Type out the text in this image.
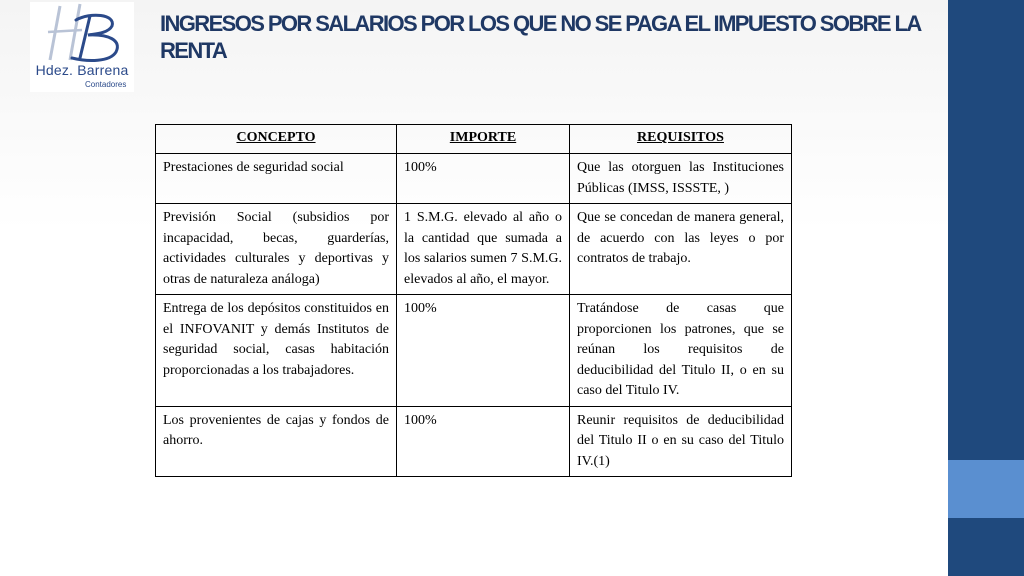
Hdez. Barrena
Contadores
INGRESOS POR SALARIOS POR LOS QUE NO SE PAGA EL IMPUESTO SOBRE LA RENTA
CONCEPTO	IMPORTE	REQUISITOS
Prestaciones de seguridad social	100%	Que las otorguen las Instituciones Públicas (IMSS, ISSSTE, )
Previsión Social (subsidios por incapacidad, becas, guarderías, actividades culturales y deportivas y otras de naturaleza análoga)	1 S.M.G. elevado al año o la cantidad que sumada a los salarios sumen 7 S.M.G. elevados al año, el mayor.	Que se concedan de manera general, de acuerdo con las leyes o por contratos de trabajo.
Entrega de los depósitos constituidos en el INFOVANIT y demás Institutos de seguridad social, casas habitación proporcionadas a los trabajadores.	100%	Tratándose de casas que proporcionen los patrones, que se reúnan los requisitos de deducibilidad del Titulo II, o en su caso del Titulo IV.
Los provenientes de cajas y fondos de ahorro.	100%	Reunir requisitos de deducibilidad del Titulo II o en su caso del Titulo IV.(1)
